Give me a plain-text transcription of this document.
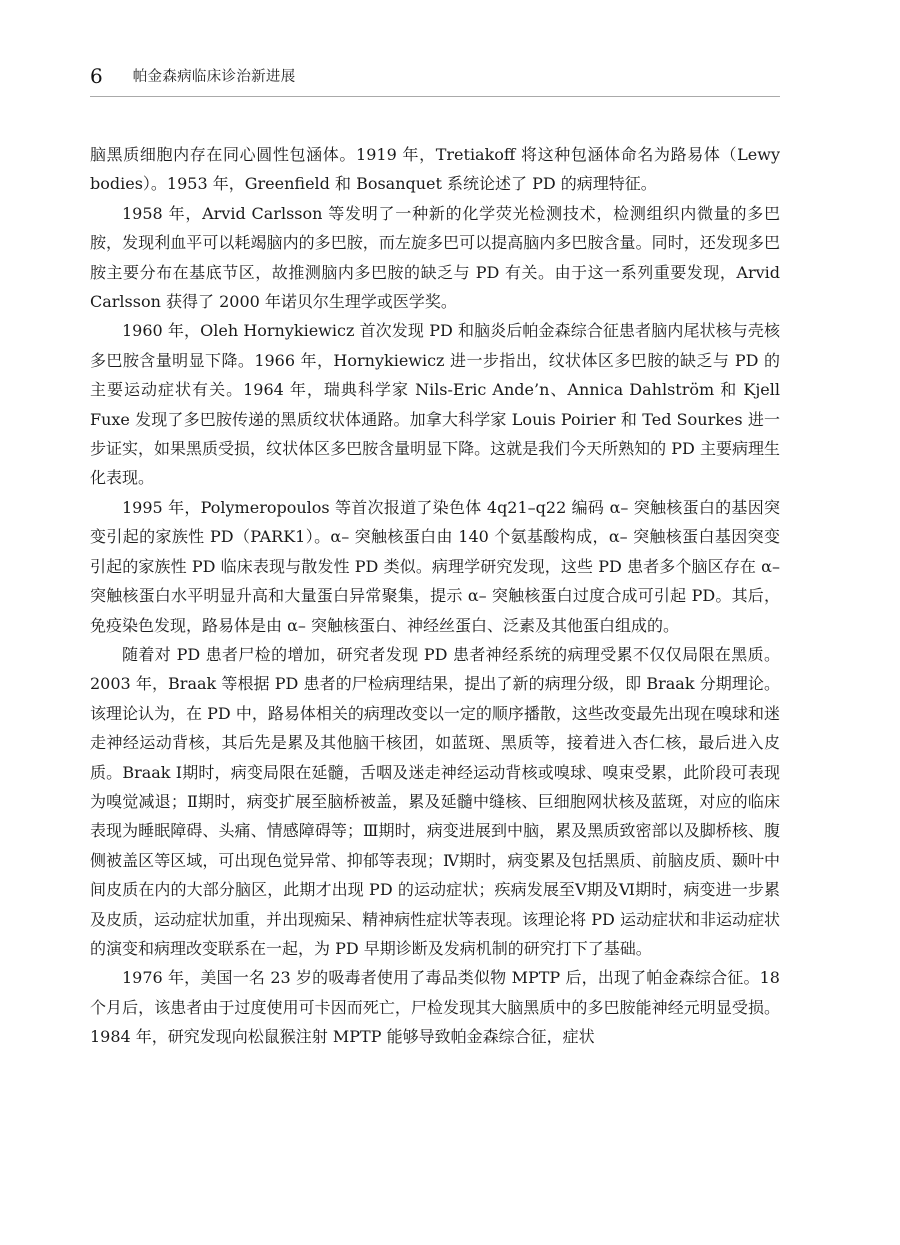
6 帕金森病临床诊治新进展

脑黑质细胞内存在同心圆性包涵体。1919 年，Tretiakoff 将这种包涵体命名为路易体（Lewy bodies）。1953 年，Greenfield 和 Bosanquet 系统论述了 PD 的病理特征。

1958 年，Arvid Carlsson 等发明了一种新的化学荧光检测技术，检测组织内微量的多巴胺，发现利血平可以耗竭脑内的多巴胺，而左旋多巴可以提高脑内多巴胺含量。同时，还发现多巴胺主要分布在基底节区，故推测脑内多巴胺的缺乏与 PD 有关。由于这一系列重要发现，Arvid Carlsson 获得了 2000 年诺贝尔生理学或医学奖。

1960 年，Oleh Hornykiewicz 首次发现 PD 和脑炎后帕金森综合征患者脑内尾状核与壳核多巴胺含量明显下降。1966 年，Hornykiewicz 进一步指出，纹状体区多巴胺的缺乏与 PD 的主要运动症状有关。1964 年，瑞典科学家 Nils-Eric Ande’n、Annica Dahlström 和 Kjell Fuxe 发现了多巴胺传递的黑质纹状体通路。加拿大科学家 Louis Poirier 和 Ted Sourkes 进一步证实，如果黑质受损，纹状体区多巴胺含量明显下降。这就是我们今天所熟知的 PD 主要病理生化表现。

1995 年，Polymeropoulos 等首次报道了染色体 4q21–q22 编码 α– 突触核蛋白的基因突变引起的家族性 PD（PARK1）。α– 突触核蛋白由 140 个氨基酸构成，α– 突触核蛋白基因突变引起的家族性 PD 临床表现与散发性 PD 类似。病理学研究发现，这些 PD 患者多个脑区存在 α– 突触核蛋白水平明显升高和大量蛋白异常聚集，提示 α– 突触核蛋白过度合成可引起 PD。其后，免疫染色发现，路易体是由 α– 突触核蛋白、神经丝蛋白、泛素及其他蛋白组成的。

随着对 PD 患者尸检的增加，研究者发现 PD 患者神经系统的病理受累不仅仅局限在黑质。2003 年，Braak 等根据 PD 患者的尸检病理结果，提出了新的病理分级，即 Braak 分期理论。该理论认为，在 PD 中，路易体相关的病理改变以一定的顺序播散，这些改变最先出现在嗅球和迷走神经运动背核，其后先是累及其他脑干核团，如蓝斑、黑质等，接着进入杏仁核，最后进入皮质。Braak Ⅰ期时，病变局限在延髓，舌咽及迷走神经运动背核或嗅球、嗅束受累，此阶段可表现为嗅觉减退；Ⅱ期时，病变扩展至脑桥被盖，累及延髓中缝核、巨细胞网状核及蓝斑，对应的临床表现为睡眠障碍、头痛、情感障碍等；Ⅲ期时，病变进展到中脑，累及黑质致密部以及脚桥核、腹侧被盖区等区域，可出现色觉异常、抑郁等表现；Ⅳ期时，病变累及包括黑质、前脑皮质、颞叶中间皮质在内的大部分脑区，此期才出现 PD 的运动症状；疾病发展至Ⅴ期及Ⅵ期时，病变进一步累及皮质，运动症状加重，并出现痴呆、精神病性症状等表现。该理论将 PD 运动症状和非运动症状的演变和病理改变联系在一起，为 PD 早期诊断及发病机制的研究打下了基础。

1976 年，美国一名 23 岁的吸毒者使用了毒品类似物 MPTP 后，出现了帕金森综合征。18 个月后，该患者由于过度使用可卡因而死亡，尸检发现其大脑黑质中的多巴胺能神经元明显受损。1984 年，研究发现向松鼠猴注射 MPTP 能够导致帕金森综合征，症状
